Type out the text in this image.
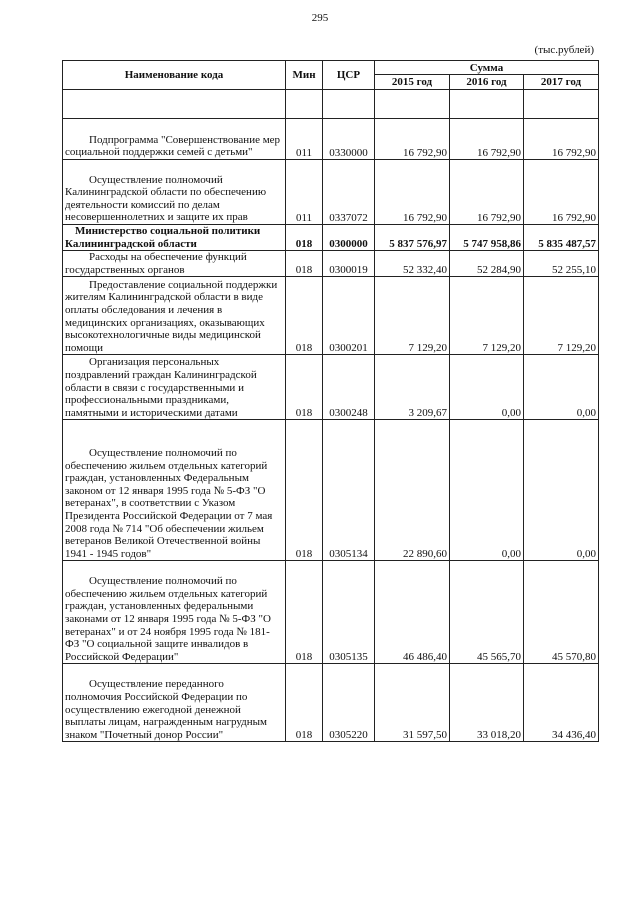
295
(тыс.рублей)
Наименование кода	Мин	ЦСР	Сумма		
			2015 год	2016 год	2017 год

Подпрограмма "Совершенствование мер социальной поддержки семей с детьми"	011	0330000	16 792,90	16 792,90	16 792,90

Осуществление полномочий Калининградской области по обеспечению деятельности комиссий по делам несовершеннолетних и защите их прав	011	0337072	16 792,90	16 792,90	16 792,90

Министерство социальной политики Калининградской области	018	0300000	5 837 576,97	5 747 958,86	5 835 487,57

Расходы на обеспечение функций государственных органов	018	0300019	52 332,40	52 284,90	52 255,10

Предоставление социальной поддержки жителям Калининградской области в виде оплаты обследования и лечения в медицинских организациях, оказывающих высокотехнологичные виды медицинской помощи	018	0300201	7 129,20	7 129,20	7 129,20

Организация персональных поздравлений граждан Калининградской области в связи с государственными и профессиональными праздниками, памятными и историческими датами	018	0300248	3 209,67	0,00	0,00

Осуществление полномочий по обеспечению жильем отдельных категорий граждан, установленных Федеральным законом от 12 января 1995 года № 5-ФЗ "О ветеранах", в соответствии с Указом Президента Российской Федерации от 7 мая 2008 года № 714 "Об обеспечении жильем ветеранов Великой Отечественной войны 1941 - 1945 годов"	018	0305134	22 890,60	0,00	0,00

Осуществление полномочий по обеспечению жильем отдельных категорий граждан, установленных федеральными законами от 12 января 1995 года № 5-ФЗ "О ветеранах" и от 24 ноября 1995 года № 181-ФЗ "О социальной защите инвалидов в Российской Федерации"	018	0305135	46 486,40	45 565,70	45 570,80

Осуществление переданного полномочия Российской Федерации по осуществлению ежегодной денежной выплаты лицам, награжденным нагрудным знаком "Почетный донор России"	018	0305220	31 597,50	33 018,20	34 436,40
